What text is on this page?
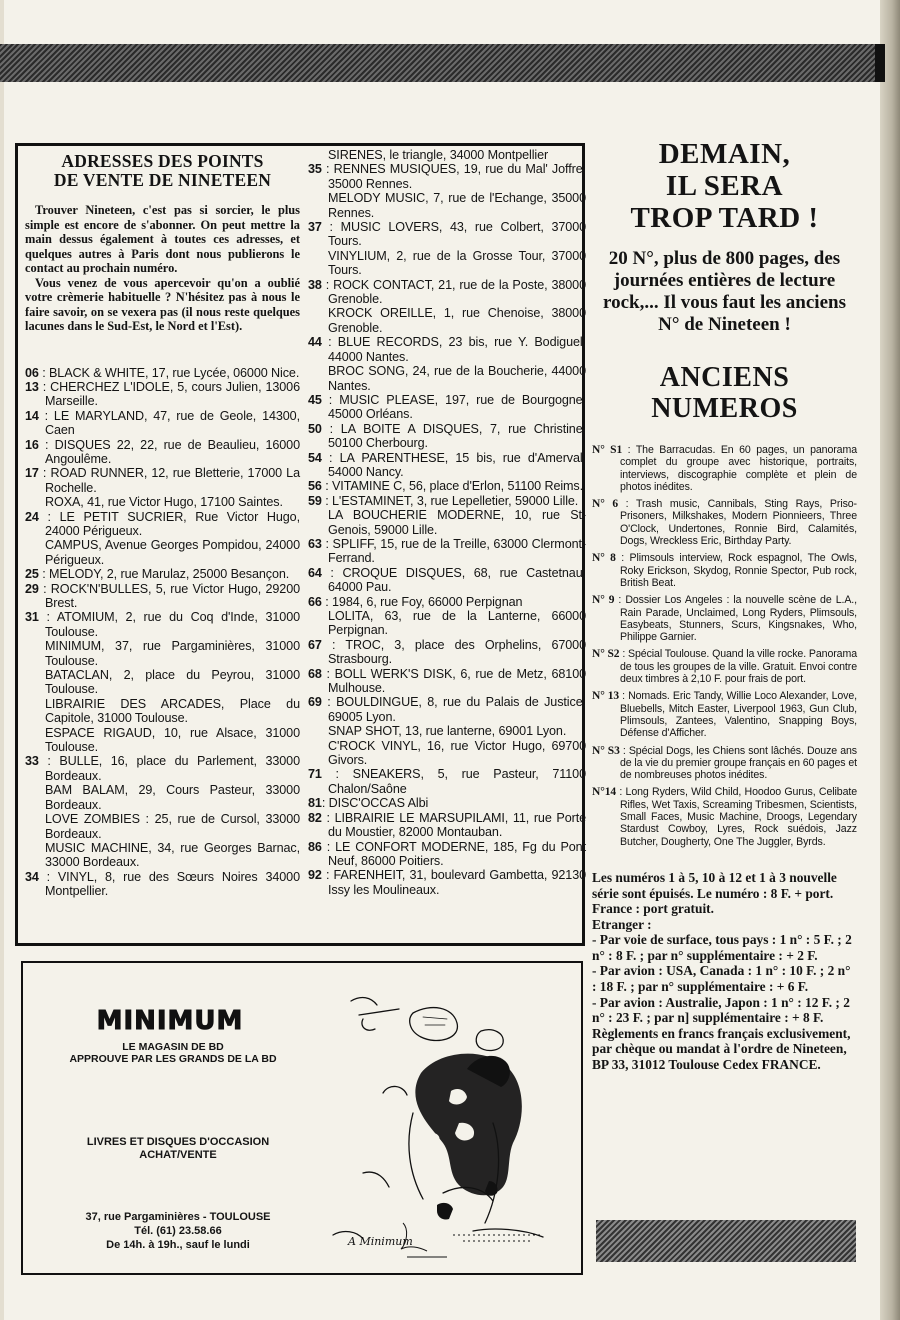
ADRESSES DES POINTS
DE VENTE DE NINETEEN

Trouver Nineteen, c'est pas si sorcier, le plus simple est encore de s'abonner. On peut mettre la main dessus également à toutes ces adresses, et quelques autres à Paris dont nous publierons le contact au prochain numéro.

Vous venez de vous apercevoir qu'on a oublié votre crèmerie habituelle ? N'hésitez pas à nous le faire savoir, on se vexera pas (il nous reste quelques lacunes dans le Sud-Est, le Nord et l'Est).

06 : BLACK & WHITE, 17, rue Lycée, 06000 Nice.

13 : CHERCHEZ L'IDOLE, 5, cours Julien, 13006 Marseille.

14 : LE MARYLAND, 47, rue de Geole, 14300, Caen

16 : DISQUES 22, 22, rue de Beaulieu, 16000 Angoulême.

17 : ROAD RUNNER, 12, rue Bletterie, 17000 La Rochelle.

ROXA, 41, rue Victor Hugo, 17100 Saintes.

24 : LE PETIT SUCRIER, Rue Victor Hugo, 24000 Périgueux.

CAMPUS, Avenue Georges Pompidou, 24000 Périgueux.

25 : MELODY, 2, rue Marulaz, 25000 Besançon.

29 : ROCK'N'BULLES, 5, rue Victor Hugo, 29200 Brest.

31 : ATOMIUM, 2, rue du Coq d'Inde, 31000 Toulouse.

MINIMUM, 37, rue Pargaminières, 31000 Toulouse.

BATACLAN, 2, place du Peyrou, 31000 Toulouse.

LIBRAIRIE DES ARCADES, Place du Capitole, 31000 Toulouse.

ESPACE RIGAUD, 10, rue Alsace, 31000 Toulouse.

33 : BULLE, 16, place du Parlement, 33000 Bordeaux.

BAM BALAM, 29, Cours Pasteur, 33000 Bordeaux.

LOVE ZOMBIES : 25, rue de Cursol, 33000 Bordeaux.

MUSIC MACHINE, 34, rue Georges Barnac, 33000 Bordeaux.

34 : VINYL, 8, rue des Sœurs Noires 34000 Montpellier.

SIRENES, le triangle, 34000 Montpellier

35 : RENNES MUSIQUES, 19, rue du Mal' Joffre, 35000 Rennes.

MELODY MUSIC, 7, rue de l'Echange, 35000 Rennes.

37 : MUSIC LOVERS, 43, rue Colbert, 37000 Tours.

VINYLIUM, 2, rue de la Grosse Tour, 37000 Tours.

38 : ROCK CONTACT, 21, rue de la Poste, 38000 Grenoble.

KROCK OREILLE, 1, rue Chenoise, 38000 Grenoble.

44 : BLUE RECORDS, 23 bis, rue Y. Bodiguel, 44000 Nantes.

BROC SONG, 24, rue de la Boucherie, 44000 Nantes.

45 : MUSIC PLEASE, 197, rue de Bourgogne, 45000 Orléans.

50 : LA BOITE A DISQUES, 7, rue Christine, 50100 Cherbourg.

54 : LA PARENTHESE, 15 bis, rue d'Amerval, 54000 Nancy.

56 : VITAMINE C, 56, place d'Erlon, 51100 Reims.

59 : L'ESTAMINET, 3, rue Lepelletier, 59000 Lille.

LA BOUCHERIE MODERNE, 10, rue St-Genois, 59000 Lille.

63 : SPLIFF, 15, rue de la Treille, 63000 Clermont-Ferrand.

64 : CROQUE DISQUES, 68, rue Castetnau, 64000 Pau.

66 : 1984, 6, rue Foy, 66000 Perpignan

LOLITA, 63, rue de la Lanterne, 66000 Perpignan.

67 : TROC, 3, place des Orphelins, 67000 Strasbourg.

68 : BOLL WERK'S DISK, 6, rue de Metz, 68100 Mulhouse.

69 : BOULDINGUE, 8, rue du Palais de Justice, 69005 Lyon.

SNAP SHOT, 13, rue lanterne, 69001 Lyon.

C'ROCK VINYL, 16, rue Victor Hugo, 69700 Givors.

71 : SNEAKERS, 5, rue Pasteur, 71100 Chalon/Saône

81: DISC'OCCAS Albi

82 : LIBRAIRIE LE MARSUPILAMI, 11, rue Porte du Moustier, 82000 Montauban.

86 : LE CONFORT MODERNE, 185, Fg du Pont Neuf, 86000 Poitiers.

92 : FARENHEIT, 31, boulevard Gambetta, 92130 Issy les Moulineaux.

MINIMUM
LE MAGASIN DE BD
APPROUVE PAR LES GRANDS DE LA BD
LIVRES ET DISQUES D'OCCASION
ACHAT/VENTE
37, rue Pargaminières - TOULOUSE
Tél. (61) 23.58.66
De 14h. à 19h., sauf le lundi	A Minimum
DEMAIN,
IL SERA
TROP TARD !

20 N°, plus de 800 pages, des journées entières de lecture rock,... Il vous faut les anciens N° de Nineteen !

ANCIENS
NUMEROS

N° S1 : The Barracudas. En 60 pages, un panorama complet du groupe avec historique, portraits, interviews, discographie complète et plein de photos inédites.

N° 6 : Trash music, Cannibals, Sting Rays, Priso-Prisoners, Milkshakes, Modern Pionnieers, Three O'Clock, Undertones, Ronnie Bird, Calamités, Dogs, Wreckless Eric, Birthday Party.

N° 8 : Plimsouls interview, Rock espagnol, The Owls, Roky Erickson, Skydog, Ronnie Spector, Pub rock, British Beat.

N° 9 : Dossier Los Angeles : la nouvelle scène de L.A., Rain Parade, Unclaimed, Long Ryders, Plimsouls, Easybeats, Stunners, Scurs, Kingsnakes, Who, Philippe Garnier.

N° S2 : Spécial Toulouse. Quand la ville rocke. Panorama de tous les groupes de la ville. Gratuit. Envoi contre deux timbres à 2,10 F. pour frais de port.

N° 13 : Nomads. Eric Tandy, Willie Loco Alexander, Love, Bluebells, Mitch Easter, Liverpool 1963, Gun Club, Plimsouls, Zantees, Valentino, Snapping Boys, Défense d'Afficher.

N° S3 : Spécial Dogs, les Chiens sont lâchés. Douze ans de la vie du premier groupe français en 60 pages et de nombreuses photos inédites.

N°14 : Long Ryders, Wild Child, Hoodoo Gurus, Celibate Rifles, Wet Taxis, Screaming Tribesmen, Scientists, Small Faces, Music Machine, Droogs, Legendary Stardust Cowboy, Lyres, Rock suédois, Jazz Butcher, Dougherty, One The Juggler, Byrds.

Les numéros 1 à 5, 10 à 12 et 1 à 3 nouvelle série sont épuisés. Le numéro : 8 F. + port.
France : port gratuit.
Etranger :
- Par voie de surface, tous pays : 1 n° : 5 F. ; 2 n° : 8 F. ; par n° supplémentaire : + 2 F.
- Par avion : USA, Canada : 1 n° : 10 F. ; 2 n° : 18 F. ; par n° supplémentaire : + 6 F.
- Par avion : Australie, Japon : 1 n° : 12 F. ; 2 n° : 23 F. ; par n] supplémentaire : + 8 F. Règlements en francs français exclusivement, par chèque ou mandat à l'ordre de Nineteen, BP 33, 31012 Toulouse Cedex FRANCE.
